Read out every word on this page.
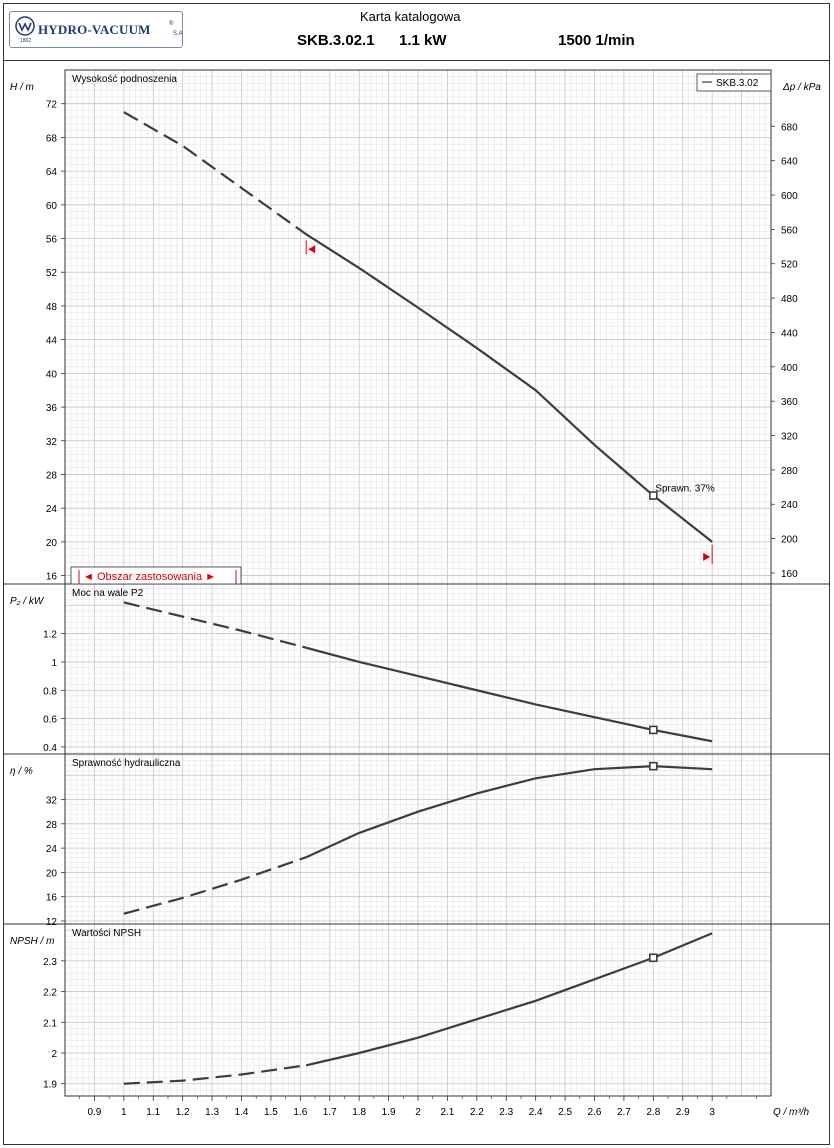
HYDRO-VACUUM	®
S.A
1862
Karta katalogowa
SKB.3.02.1 1.1 kW	1500 1/min
0.9 1 1.1 1.2 1.3 1.4 1.5 1.6 1.7 1.8 1.9 2 2.1 2.2 2.3 2.4 2.5 2.6 2.7 2.8 2.9 3	Q / m³/h
16
20
24
28
32
36
40
44
48
52
56
60
64
68
72
H / m
Wysokość podnoszenia
160
200
240
280
320
360
400
440
480
520
560
600
640
680
Δp / kPa
Sprawn. 37%
◄ Obszar zastosowania ►
0.4
0.6
0.8
1
1.2
P₂ / kW
Moc na wale P2
12
16
20
24
28
32
η / %
Sprawność hydrauliczna
1.9
2
2.1
2.2
2.3
NPSH / m
Wartości NPSH
SKB.3.02
